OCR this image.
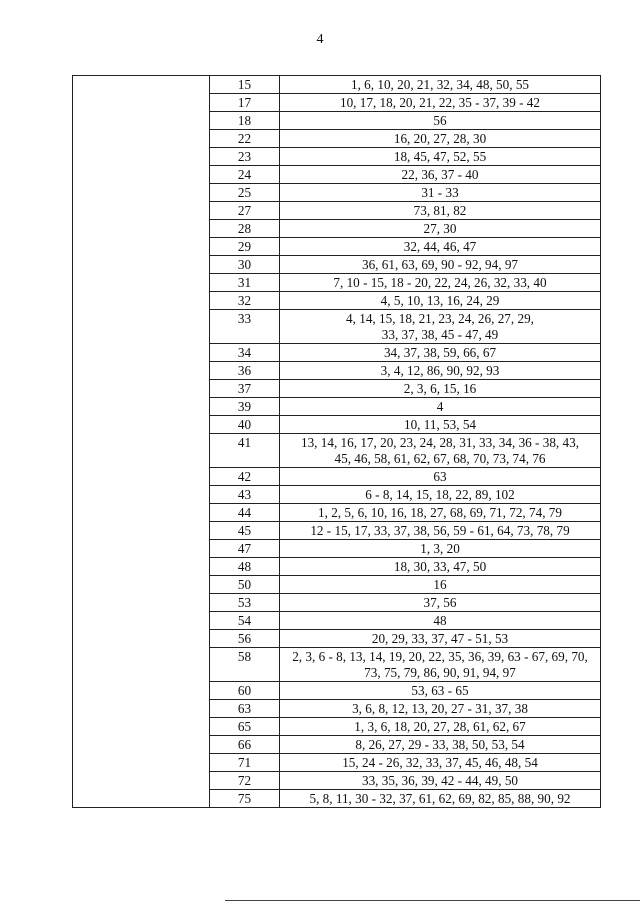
4
	15	1, 6, 10, 20, 21, 32, 34, 48, 50, 55

	17	10, 17, 18, 20, 21, 22, 35 - 37, 39 - 42

	18	56

	22	16, 20, 27, 28, 30

	23	18, 45, 47, 52, 55

	24	22, 36, 37 - 40

	25	31 - 33

	27	73, 81, 82

	28	27, 30

	29	32, 44, 46, 47

	30	36, 61, 63, 69, 90 - 92, 94, 97

	31	7, 10 - 15, 18 - 20, 22, 24, 26, 32, 33, 40

	32	4, 5, 10, 13, 16, 24, 29

	33	4, 14, 15, 18, 21, 23, 24, 26, 27, 29,
33, 37, 38, 45 - 47, 49

	34	34, 37, 38, 59, 66, 67

	36	3, 4, 12, 86, 90, 92, 93

	37	2, 3, 6, 15, 16

	39	4

	40	10, 11, 53, 54

	41	13, 14, 16, 17, 20, 23, 24, 28, 31, 33, 34, 36 - 38, 43,
45, 46, 58, 61, 62, 67, 68, 70, 73, 74, 76

	42	63

	43	6 - 8, 14, 15, 18, 22, 89, 102

	44	1, 2, 5, 6, 10, 16, 18, 27, 68, 69, 71, 72, 74, 79

	45	12 - 15, 17, 33, 37, 38, 56, 59 - 61, 64, 73, 78, 79

	47	1, 3, 20

	48	18, 30, 33, 47, 50

	50	16

	53	37, 56

	54	48

	56	20, 29, 33, 37, 47 - 51, 53

	58	2, 3, 6 - 8, 13, 14, 19, 20, 22, 35, 36, 39, 63 - 67, 69, 70,
73, 75, 79, 86, 90, 91, 94, 97

	60	53, 63 - 65

	63	3, 6, 8, 12, 13, 20, 27 - 31, 37, 38

	65	1, 3, 6, 18, 20, 27, 28, 61, 62, 67

	66	8, 26, 27, 29 - 33, 38, 50, 53, 54

	71	15, 24 - 26, 32, 33, 37, 45, 46, 48, 54

	72	33, 35, 36, 39, 42 - 44, 49, 50

	75	5, 8, 11, 30 - 32, 37, 61, 62, 69, 82, 85, 88, 90, 92
